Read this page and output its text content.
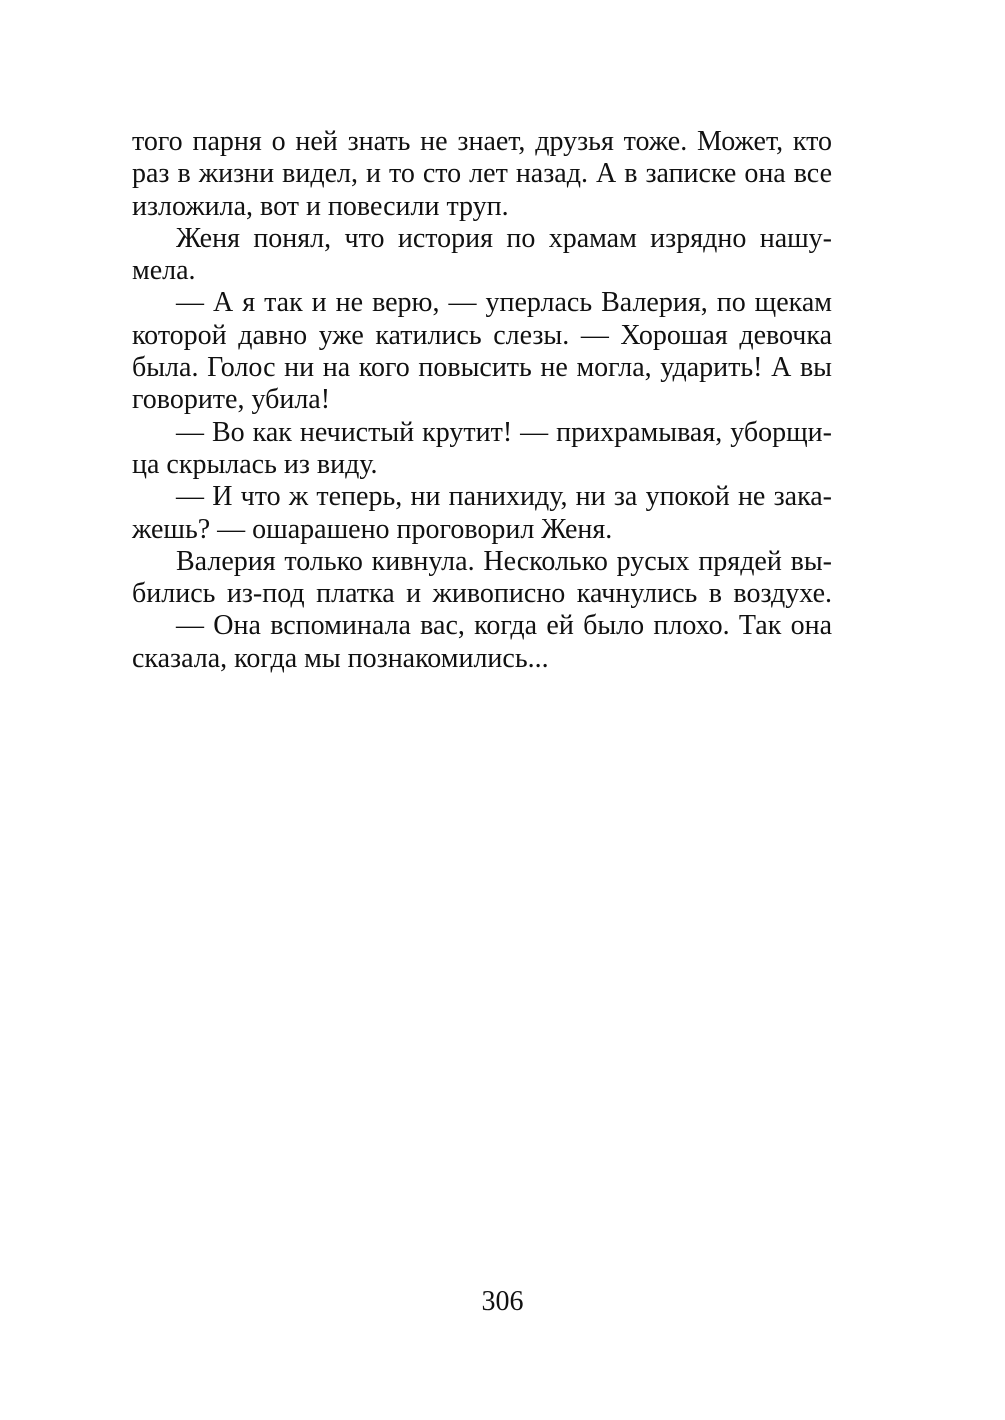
того парня о ней знать не знает, друзья тоже. Может, кто
раз в жизни видел, и то сто лет назад. А в записке она все
изложила, вот и повесили труп.
Женя понял, что история по храмам изрядно нашу-
мела.
— А я так и не верю, — уперлась Валерия, по щекам
которой давно уже катились слезы. — Хорошая девочка
была. Голос ни на кого повысить не могла, ударить! А вы
говорите, убила!
— Во как нечистый крутит! — прихрамывая, уборщи-
ца скрылась из виду.
— И что ж теперь, ни панихиду, ни за упокой не зака-
жешь? — ошарашено проговорил Женя.
Валерия только кивнула. Несколько русых прядей вы-
бились из-под платка и живописно качнулись в воздухе.
— Она вспоминала вас, когда ей было плохо. Так она
сказала, когда мы познакомились...
306
